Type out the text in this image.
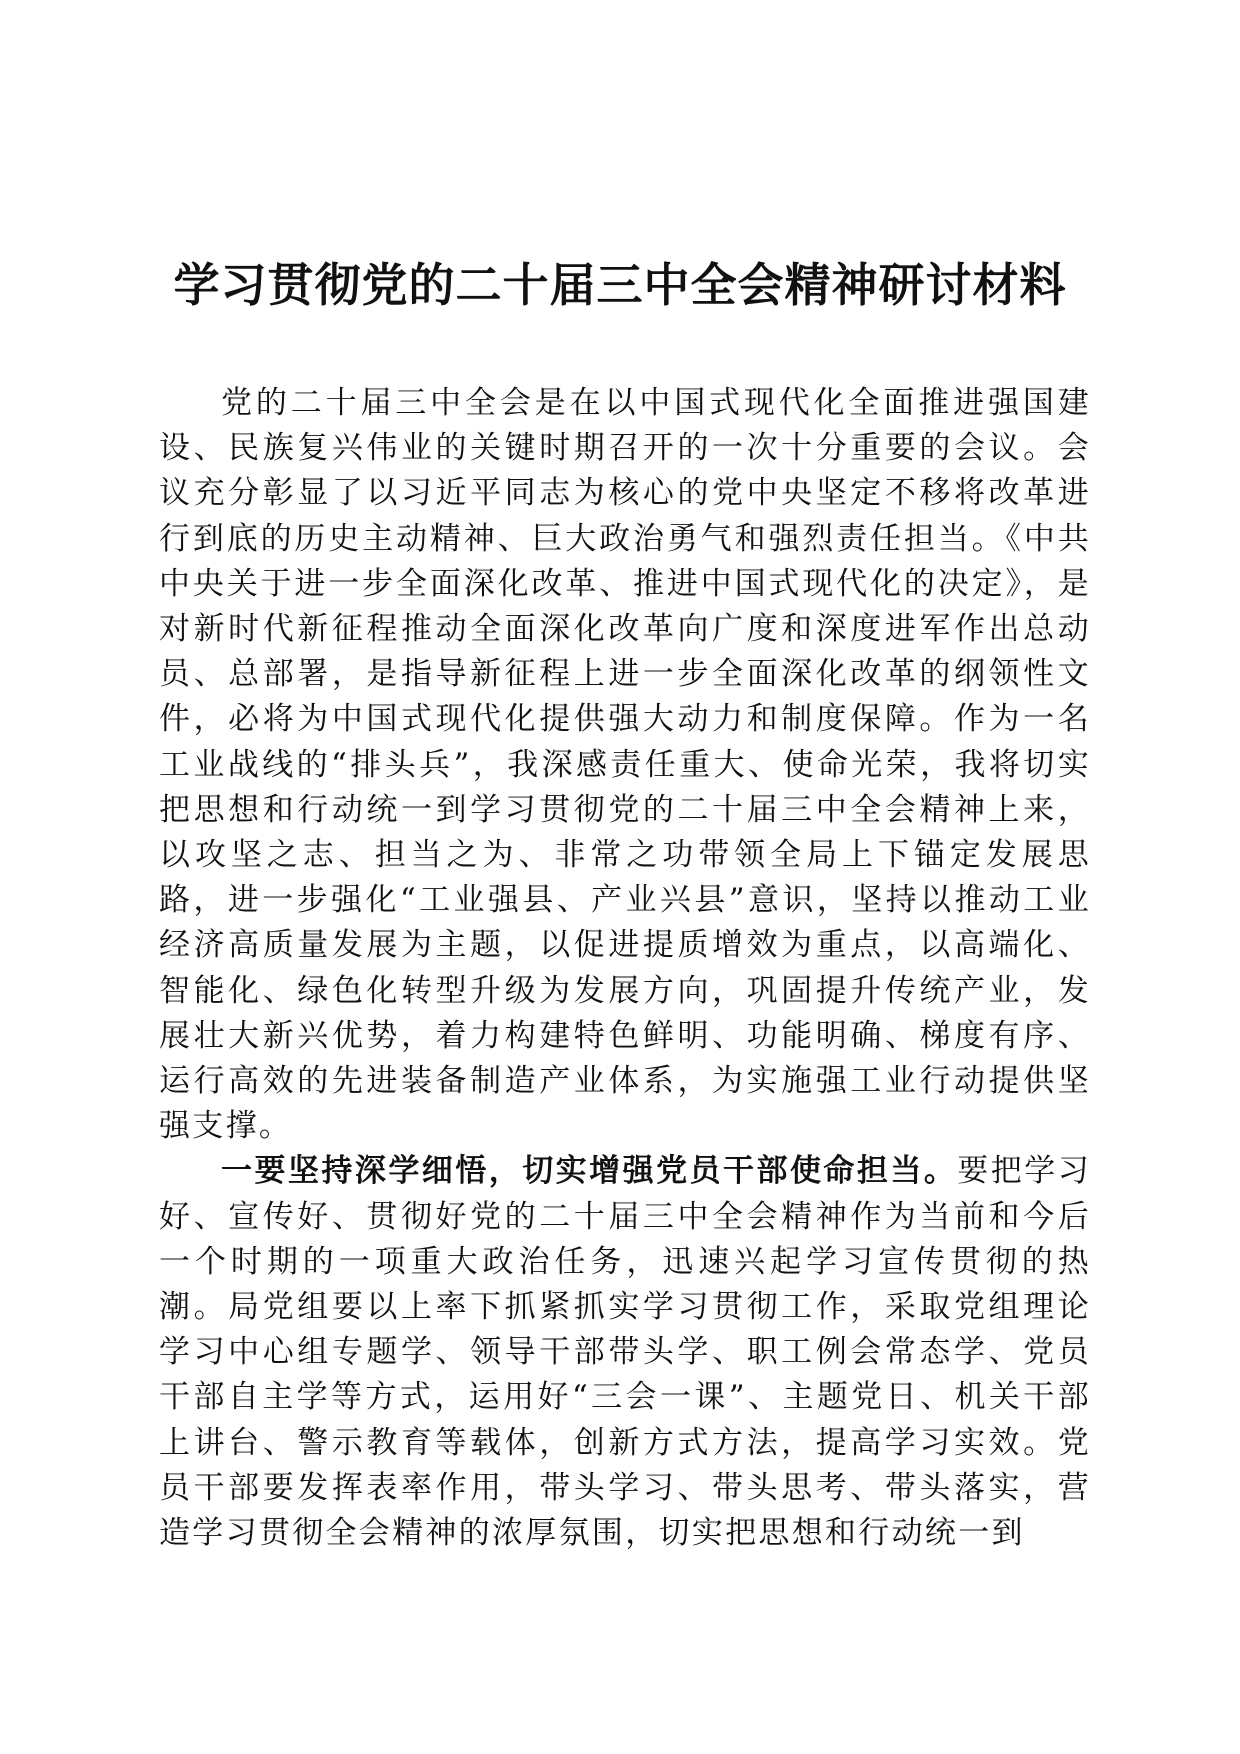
学习贯彻党的二十届三中全会精神研讨材料

党的二十届三中全会是在以中国式现代化全面推进强国建设、民族复兴伟业的关键时期召开的一次十分重要的会议。会议充分彰显了以习近平同志为核心的党中央坚定不移将改革进行到底的历史主动精神、巨大政治勇气和强烈责任担当。《中共中央关于进一步全面深化改革、推进中国式现代化的决定》，是对新时代新征程推动全面深化改革向广度和深度进军作出总动员、总部署，是指导新征程上进一步全面深化改革的纲领性文件，必将为中国式现代化提供强大动力和制度保障。作为一名工业战线的“排头兵”，我深感责任重大、使命光荣，我将切实把思想和行动统一到学习贯彻党的二十届三中全会精神上来，以攻坚之志、担当之为、非常之功带领全局上下锚定发展思路，进一步强化“工业强县、产业兴县”意识，坚持以推动工业经济高质量发展为主题，以促进提质增效为重点，以高端化、智能化、绿色化转型升级为发展方向，巩固提升传统产业，发展壮大新兴优势，着力构建特色鲜明、功能明确、梯度有序、运行高效的先进装备制造产业体系，为实施强工业行动提供坚强支撑。

一要坚持深学细悟，切实增强党员干部使命担当。要把学习好、宣传好、贯彻好党的二十届三中全会精神作为当前和今后一个时期的一项重大政治任务，迅速兴起学习宣传贯彻的热潮。局党组要以上率下抓紧抓实学习贯彻工作，采取党组理论学习中心组专题学、领导干部带头学、职工例会常态学、党员干部自主学等方式，运用好“三会一课”、主题党日、机关干部上讲台、警示教育等载体，创新方式方法，提高学习实效。党员干部要发挥表率作用，带头学习、带头思考、带头落实，营造学习贯彻全会精神的浓厚氛围，切实把思想和行动统一到
